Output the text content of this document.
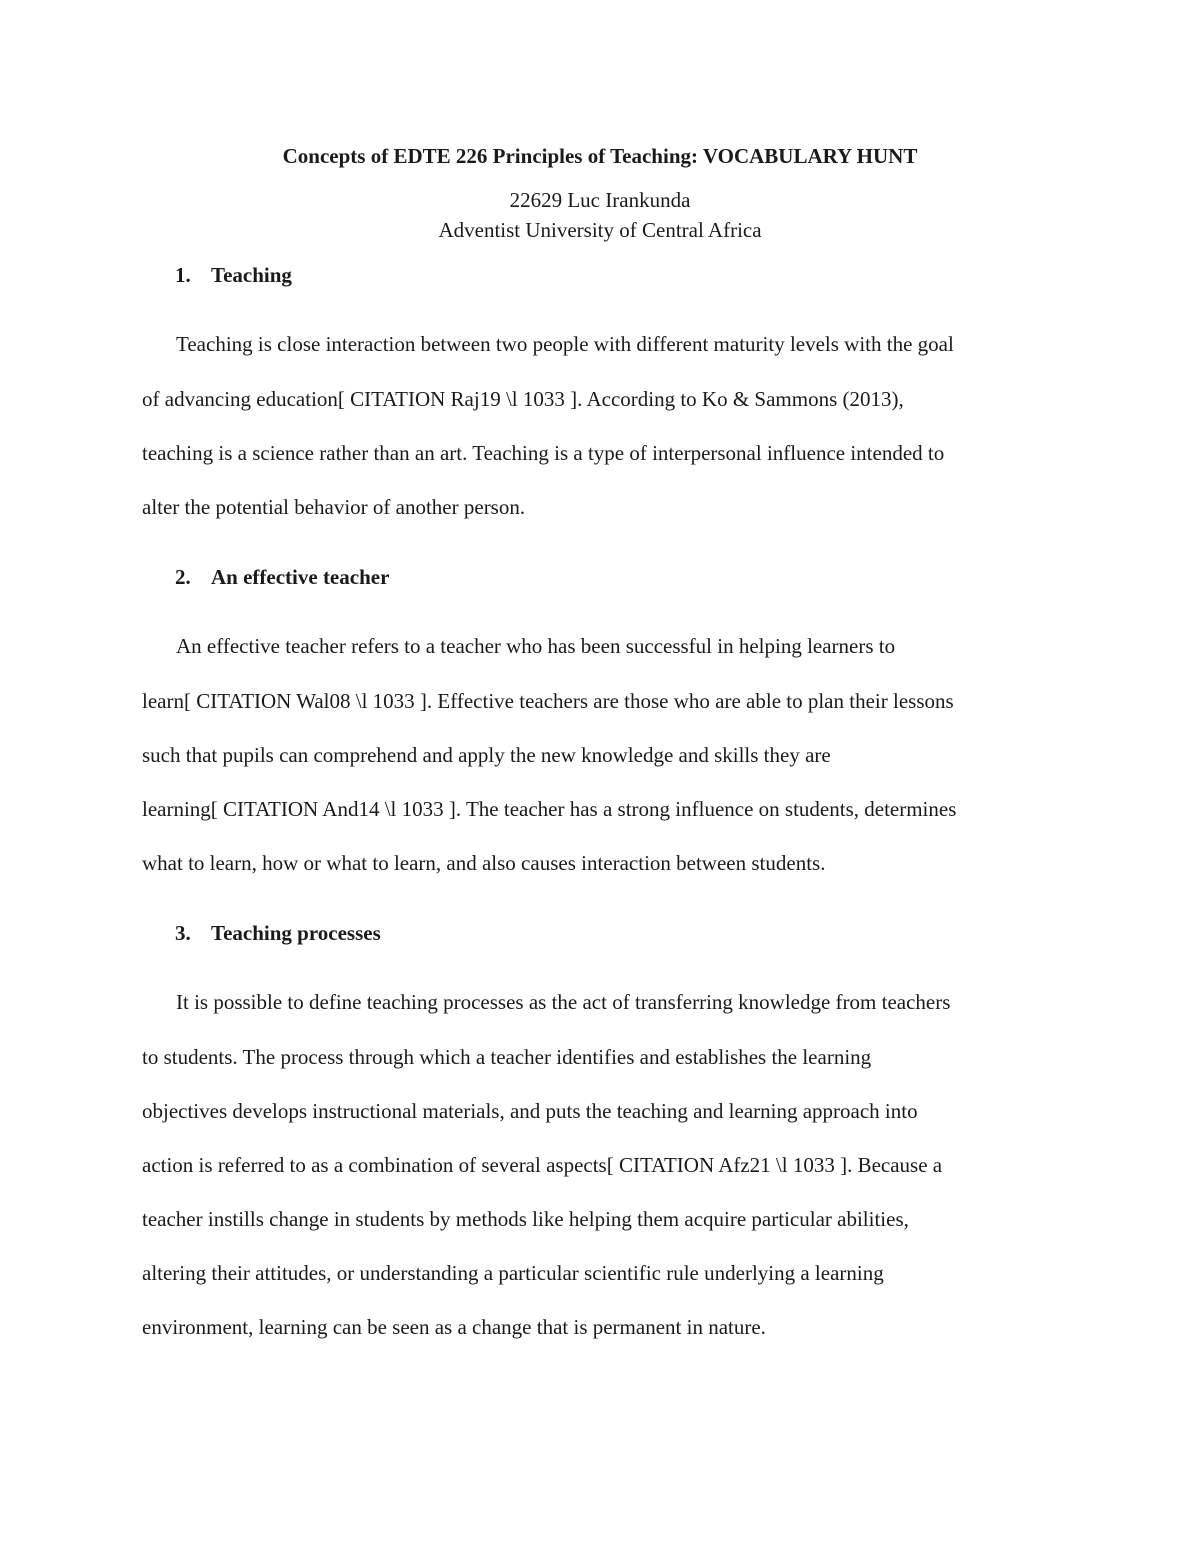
Concepts of EDTE 226 Principles of Teaching: VOCABULARY HUNT
22629 Luc Irankunda
Adventist University of Central Africa
1. Teaching
Teaching is close interaction between two people with different maturity levels with the goal
of advancing education[ CITATION Raj19 \l 1033 ]. According to Ko & Sammons (2013),
teaching is a science rather than an art. Teaching is a type of interpersonal influence intended to
alter the potential behavior of another person.
2. An effective teacher
An effective teacher refers to a teacher who has been successful in helping learners to
learn[ CITATION Wal08 \l 1033 ]. Effective teachers are those who are able to plan their lessons
such that pupils can comprehend and apply the new knowledge and skills they are
learning[ CITATION And14 \l 1033 ]. The teacher has a strong influence on students, determines
what to learn, how or what to learn, and also causes interaction between students.
3. Teaching processes
It is possible to define teaching processes as the act of transferring knowledge from teachers
to students. The process through which a teacher identifies and establishes the learning
objectives develops instructional materials, and puts the teaching and learning approach into
action is referred to as a combination of several aspects[ CITATION Afz21 \l 1033 ]. Because a
teacher instills change in students by methods like helping them acquire particular abilities,
altering their attitudes, or understanding a particular scientific rule underlying a learning
environment, learning can be seen as a change that is permanent in nature.
